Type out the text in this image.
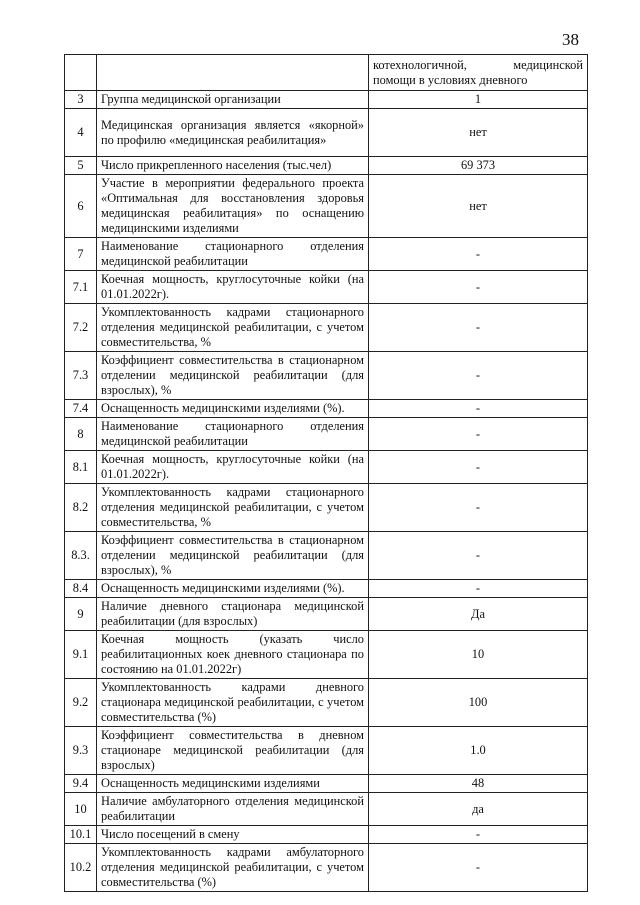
38
		котехнологичной, медицинской помощи в условиях дневного
3	Группа медицинской организации	1
4	Медицинская организация является «якорной» по профилю «медицинская реабилитация»	нет
5	Число прикрепленного населения (тыс.чел)	69 373
6	Участие в мероприятии федерального проекта «Оптимальная для восстановления здоровья медицинская реабилитация» по оснащению медицинскими изделиями	нет
7	Наименование стационарного отделения медицинской реабилитации	-
7.1	Коечная мощность, круглосуточные койки (на 01.01.2022г).	-
7.2	Укомплектованность кадрами стационарного отделения медицинской реабилитации, с учетом совместительства, %	-
7.3	Коэффициент совместительства в стационарном отделении медицинской реабилитации (для взрослых), %	-
7.4	Оснащенность медицинскими изделиями (%).	-
8	Наименование стационарного отделения медицинской реабилитации	-
8.1	Коечная мощность, круглосуточные койки (на 01.01.2022г).	-
8.2	Укомплектованность кадрами стационарного отделения медицинской реабилитации, с учетом совместительства, %	-
8.3.	Коэффициент совместительства в стационарном отделении медицинской реабилитации (для взрослых), %	-
8.4	Оснащенность медицинскими изделиями (%).	-
9	Наличие дневного стационара медицинской реабилитации (для взрослых)	Да
9.1	Коечная мощность (указать число реабилитационных коек дневного стационара по состоянию на 01.01.2022г)	10
9.2	Укомплектованность кадрами дневного стационара медицинской реабилитации, с учетом совместительства (%)	100
9.3	Коэффициент совместительства в дневном стационаре медицинской реабилитации (для взрослых)	1.0
9.4	Оснащенность медицинскими изделиями	48
10	Наличие амбулаторного отделения медицинской реабилитации	да
10.1	Число посещений в смену	-
10.2	Укомплектованность кадрами амбулаторного отделения медицинской реабилитации, с учетом совместительства (%)	-
